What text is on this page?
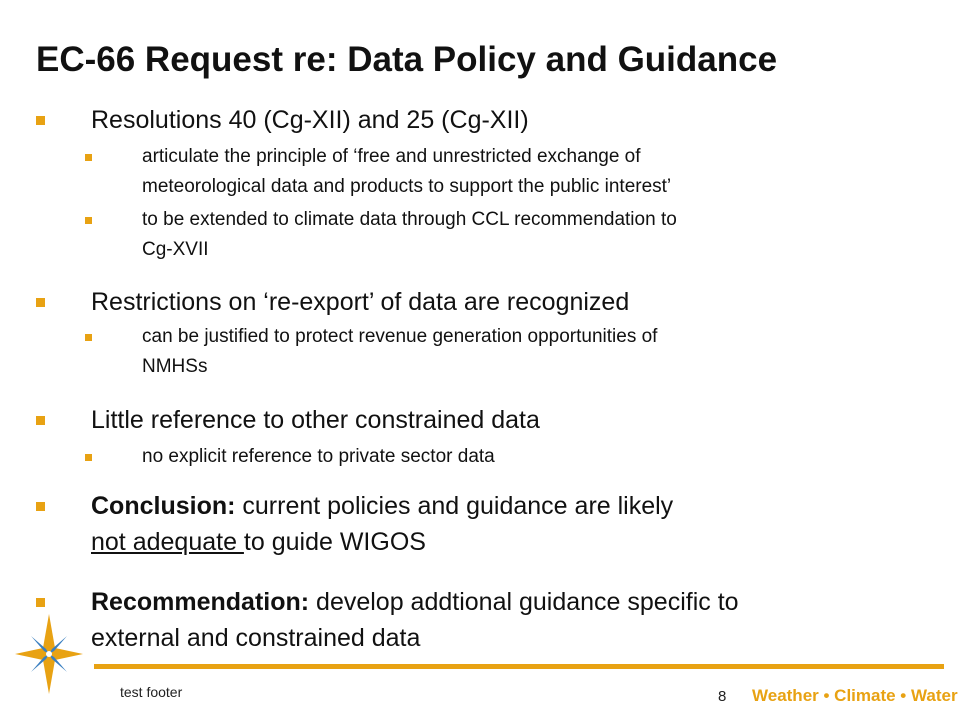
EC-66 Request re: Data Policy and Guidance
Resolutions 40 (Cg-XII) and 25 (Cg-XII)
articulate the principle of ‘free and unrestricted exchange of
meteorological data and products to support the public interest’
to be extended to climate data through CCL recommendation to
Cg-XVII
Restrictions on ‘re-export’ of data are recognized
can be justified to protect revenue generation opportunities of
NMHSs
Little reference to other constrained data
no explicit reference to private sector data
Conclusion: current policies and guidance are likely
not adequate to guide WIGOS
Recommendation: develop addtional guidance specific to
external and constrained data
test footer	8 Weather • Climate • Water
